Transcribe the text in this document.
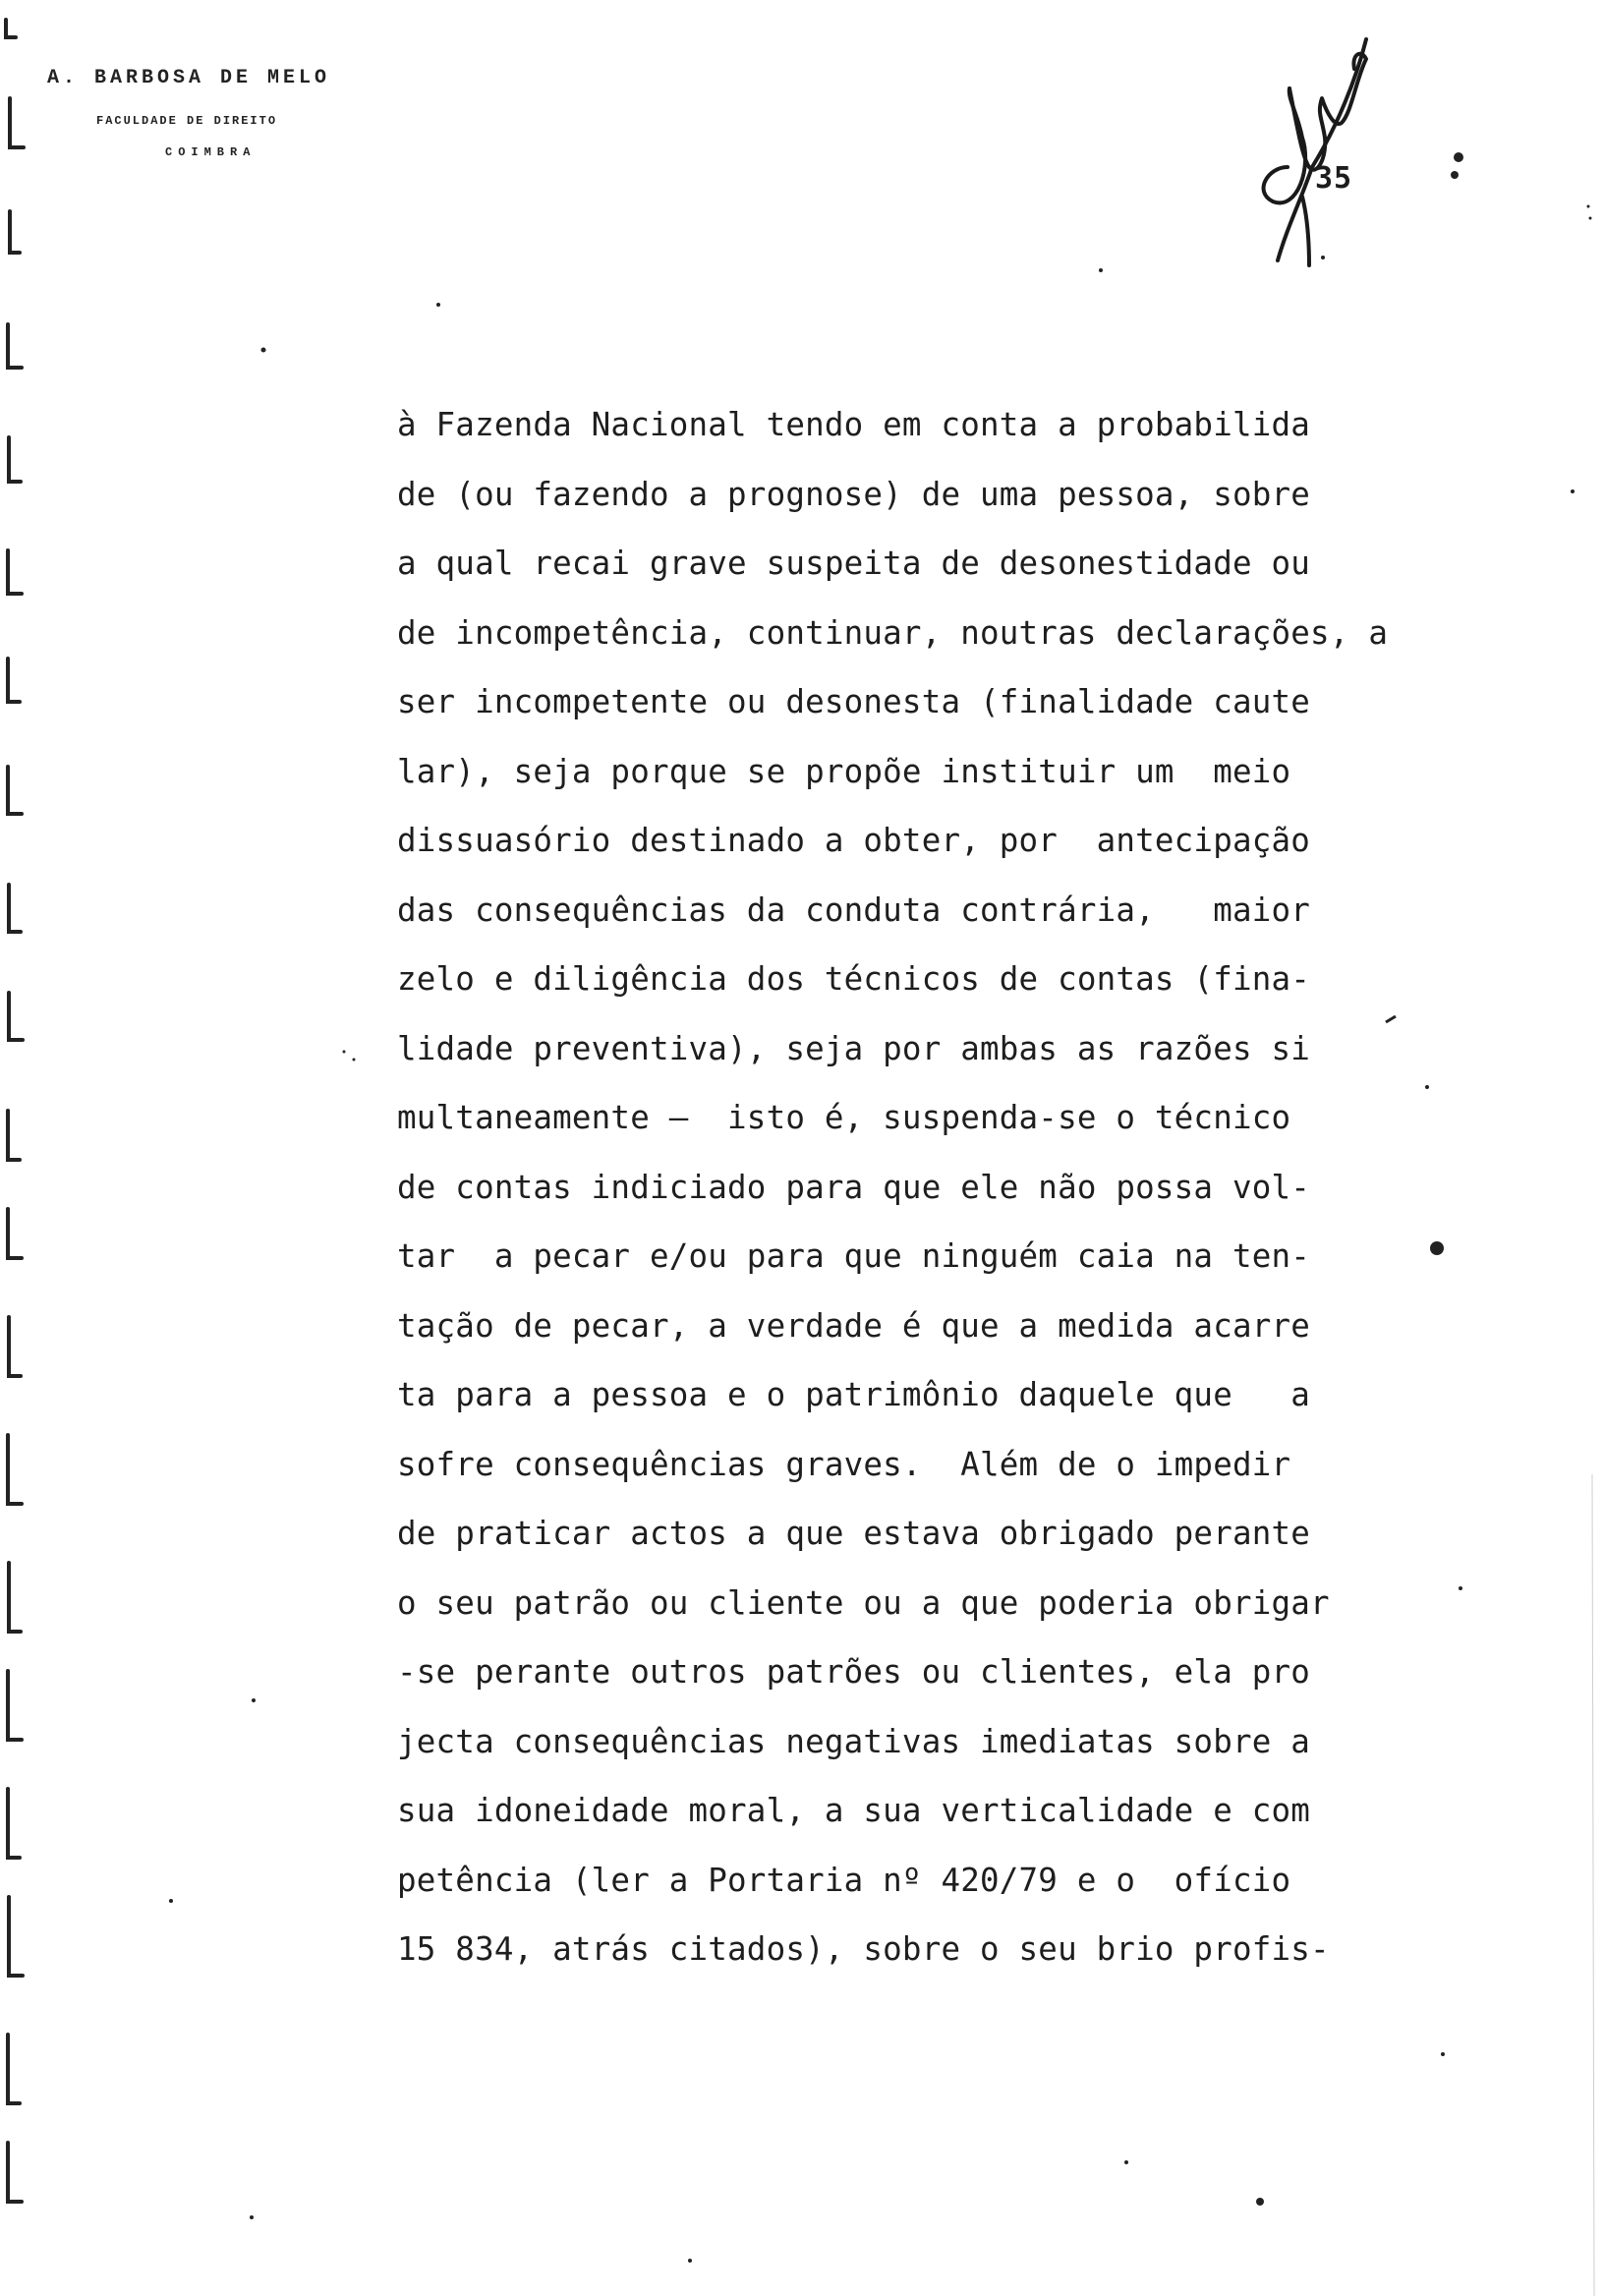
A. BARBOSA DE MELO
FACULDADE DE DIREITO
COIMBRA
35
à Fazenda Nacional tendo em conta a probabilida
de (ou fazendo a prognose) de uma pessoa, sobre
a qual recai grave suspeita de desonestidade ou
de incompetência, continuar, noutras declarações, a
ser incompetente ou desonesta (finalidade caute
lar), seja porque se propõe instituir um  meio
dissuasório destinado a obter, por  antecipação
das consequências da conduta contrária,   maior
zelo e diligência dos técnicos de contas (fina-
lidade preventiva), seja por ambas as razões si
multaneamente —  isto é, suspenda-se o técnico
de contas indiciado para que ele não possa vol-
tar  a pecar e/ou para que ninguém caia na ten-
tação de pecar, a verdade é que a medida acarre
ta para a pessoa e o patrimônio daquele que   a
sofre consequências graves.  Além de o impedir
de praticar actos a que estava obrigado perante
o seu patrão ou cliente ou a que poderia obrigar
-se perante outros patrões ou clientes, ela pro
jecta consequências negativas imediatas sobre a
sua idoneidade moral, a sua verticalidade e com
petência (ler a Portaria nº 420/79 e o  ofício
15 834, atrás citados), sobre o seu brio profis-
